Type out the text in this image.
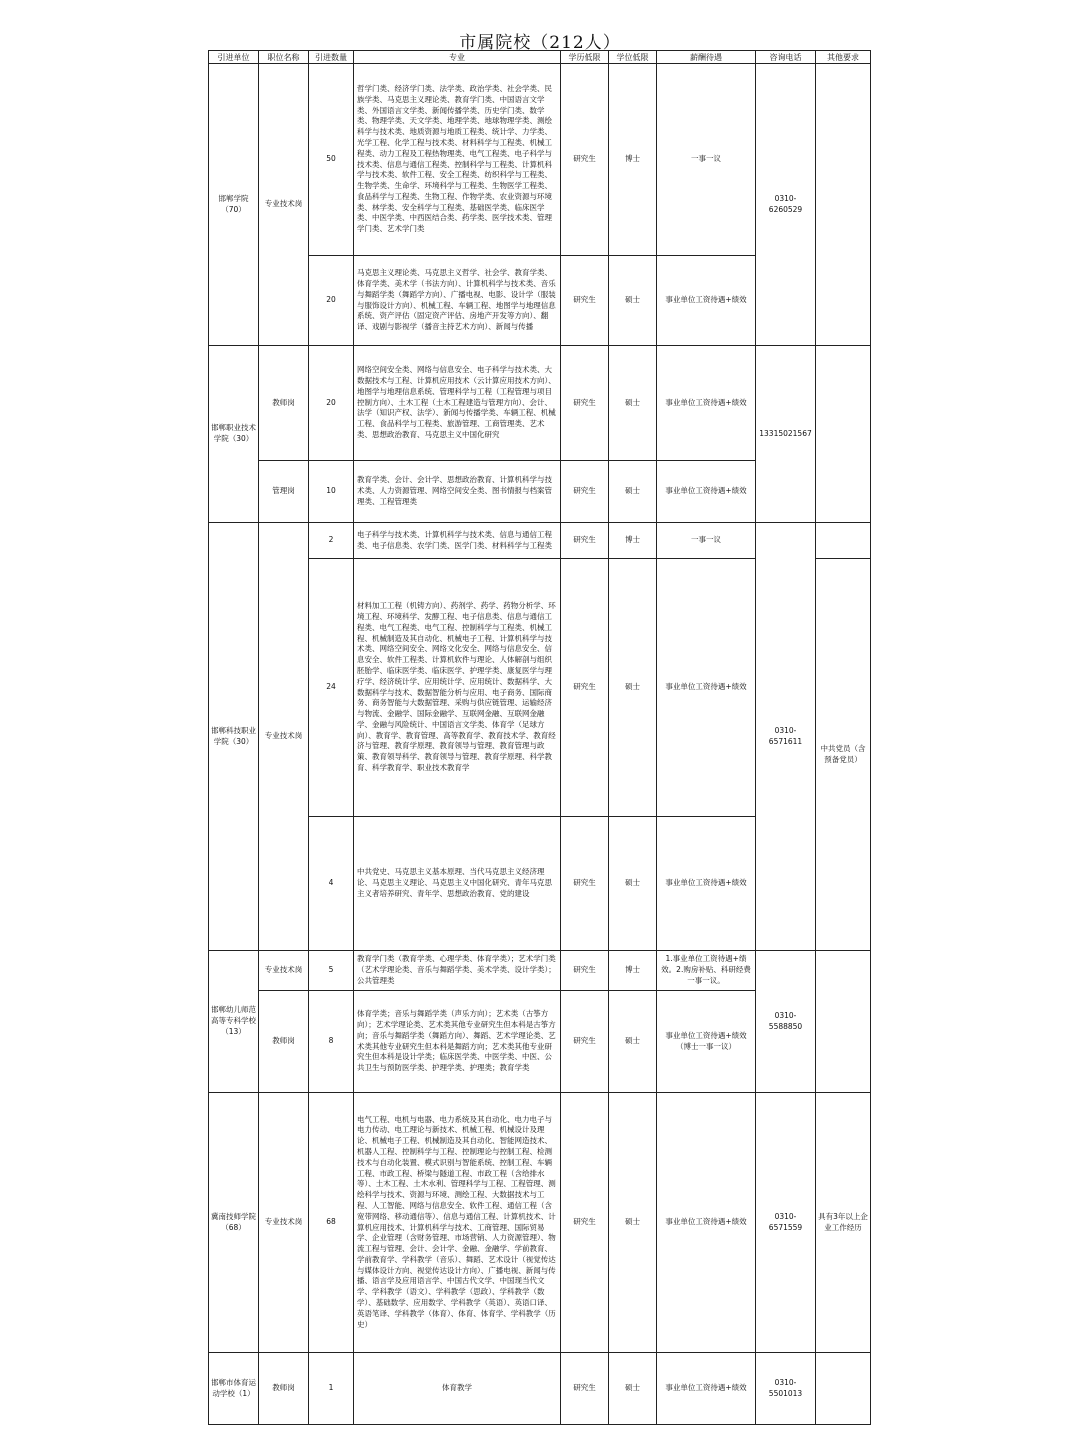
市属院校（212人）
引进单位	职位名称	引进数量	专业	学历低限	学位低限	薪酬待遇	咨询电话	其他要求
邯郸学院（70）	专业技术岗	50	哲学门类、经济学门类、法学类、政治学类、社会学类、民族学类、马克思主义理论类、教育学门类、中国语言文学类、外国语言文学类、新闻传播学类、历史学门类、数学类、物理学类、天文学类、地理学类、地球物理学类、测绘科学与技术类、地质资源与地质工程类、统计学、力学类、光学工程、化学工程与技术类、材料科学与工程类、机械工程类、动力工程及工程热物理类、电气工程类、电子科学与技术类、信息与通信工程类、控制科学与工程类、计算机科学与技术类、软件工程、安全工程类、纺织科学与工程类、生物学类、生命学、环境科学与工程类、生物医学工程类、食品科学与工程类、生物工程、作物学类、农业资源与环境类、林学类、安全科学与工程类、基础医学类、临床医学类、中医学类、中西医结合类、药学类、医学技术类、管理学门类、艺术学门类	研究生	博士	一事一议	0310-6260529	
		20	马克思主义理论类、马克思主义哲学、社会学、教育学类、体育学类、美术学（书法方向）、计算机科学与技术类、音乐与舞蹈学类（舞蹈学方向）、广播电视、电影、设计学（服装与服饰设计方向）、机械工程、车辆工程、地图学与地理信息系统、资产评估（固定资产评估、房地产开发等方向）、翻译、戏剧与影视学（播音主持艺术方向）、新闻与传播	研究生	硕士	事业单位工资待遇+绩效		
邯郸职业技术学院（30）	教师岗	20	网络空间安全类、网络与信息安全、电子科学与技术类、大数据技术与工程、计算机应用技术（云计算应用技术方向）、地图学与地理信息系统、管理科学与工程（工程管理与项目控制方向）、土木工程（土木工程建造与管理方向）、会计、法学（知识产权、法学）、新闻与传播学类、车辆工程、机械工程、食品科学与工程类、旅游管理、工商管理类、艺术类、思想政治教育、马克思主义中国化研究	研究生	硕士	事业单位工资待遇+绩效	13315021567	
	管理岗	10	教育学类、会计、会计学、思想政治教育、计算机科学与技术类、人力资源管理、网络空间安全类、图书情报与档案管理类、工程管理类	研究生	硕士	事业单位工资待遇+绩效		
邯郸科技职业学院（30）	专业技术岗	2	电子科学与技术类、计算机科学与技术类、信息与通信工程类、电子信息类、农学门类、医学门类、材料科学与工程类	研究生	博士	一事一议	0310-6571611	
		24	材料加工工程（机铸方向）、药剂学、药学、药物分析学、环境工程、环境科学、发酵工程、电子信息类、信息与通信工程类、电气工程类、电气工程、控制科学与工程类、机械工程、机械制造及其自动化、机械电子工程、计算机科学与技术类、网络空间安全、网络文化安全、网络与信息安全、信息安全、软件工程类、计算机软件与理论、人体解剖与组织胚胎学、临床医学类、临床医学、护理学类、康复医学与理疗学、经济统计学、应用统计学、应用统计、数据科学、大数据科学与技术、数据智能分析与应用、电子商务、国际商务、商务智能与大数据管理、采购与供应链管理、运输经济与物流、金融学、国际金融学、互联网金融、互联网金融学、金融与风险统计、中国语言文学类、体育学（足球方向）、教育学、教育管理、高等教育学、教育技术学、教育经济与管理、教育学原理、教育领导与管理、教育管理与政策、教育领导科学、教育领导与管理、教育学原理、科学教育、科学教育学、职业技术教育学	研究生	硕士	事业单位工资待遇+绩效		中共党员（含预备党员）
		4	中共党史、马克思主义基本原理、当代马克思主义经济理论、马克思主义理论、马克思主义中国化研究、青年马克思主义者培养研究、青年学、思想政治教育、党的建设	研究生	硕士	事业单位工资待遇+绩效		
邯郸幼儿师范高等专科学校（13）	专业技术岗	5	教育学门类（教育学类、心理学类、体育学类）；艺术学门类（艺术学理论类、音乐与舞蹈学类、美术学类、设计学类）；公共管理类	研究生	博士	1.事业单位工资待遇+绩效。2.购房补贴、科研经费一事一议。	0310-5588850	
	教师岗	8	体育学类；音乐与舞蹈学类（声乐方向）；艺术类（古筝方向）；艺术学理论类、艺术类其他专业研究生但本科是古筝方向；音乐与舞蹈学类（舞蹈方向）、舞蹈、艺术学理论类、艺术类其他专业研究生但本科是舞蹈方向；艺术类其他专业研究生但本科是设计学类；临床医学类、中医学类、中医、公共卫生与预防医学类、护理学类、护理类；教育学类	研究生	硕士	事业单位工资待遇+绩效（博士一事一议）		
冀南技师学院（68）	专业技术岗	68	电气工程、电机与电器、电力系统及其自动化、电力电子与电力传动、电工理论与新技术、机械工程、机械设计及理论、机械电子工程、机械制造及其自动化、智能网造技术、机器人工程、控制科学与工程、控制理论与控制工程、检测技术与自动化装置、模式识别与智能系统、控制工程、车辆工程、市政工程、桥梁与隧道工程、市政工程（含给排水等）、土木工程、土木水利、管理科学与工程、工程管理、测绘科学与技术、资源与环境、测绘工程、大数据技术与工程、人工智能、网络与信息安全、软件工程、通信工程（含宽带网络、移动通信等）、信息与通信工程、计算机技术、计算机应用技术、计算机科学与技术、工商管理、国际贸易学、企业管理（含财务管理、市场营销、人力资源管理）、物流工程与管理、会计、会计学、金融、金融学、学前教育、学前教育学、学科教学（音乐）、舞蹈、艺术设计（视觉传达与媒体设计方向、视觉传达设计方向）、广播电视、新闻与传播、语言学及应用语言学、中国古代文学、中国现当代文学、学科教学（语文）、学科教学（思政）、学科教学（数学）、基础数学、应用数学、学科教学（英语）、英语口译、英语笔译、学科教学（体育）、体育、体育学、学科教学（历史）	研究生	硕士	事业单位工资待遇+绩效	0310-6571559	具有3年以上企业工作经历
邯郸市体育运动学校（1）	教师岗	1	体育教学	研究生	硕士	事业单位工资待遇+绩效	0310-5501013	
